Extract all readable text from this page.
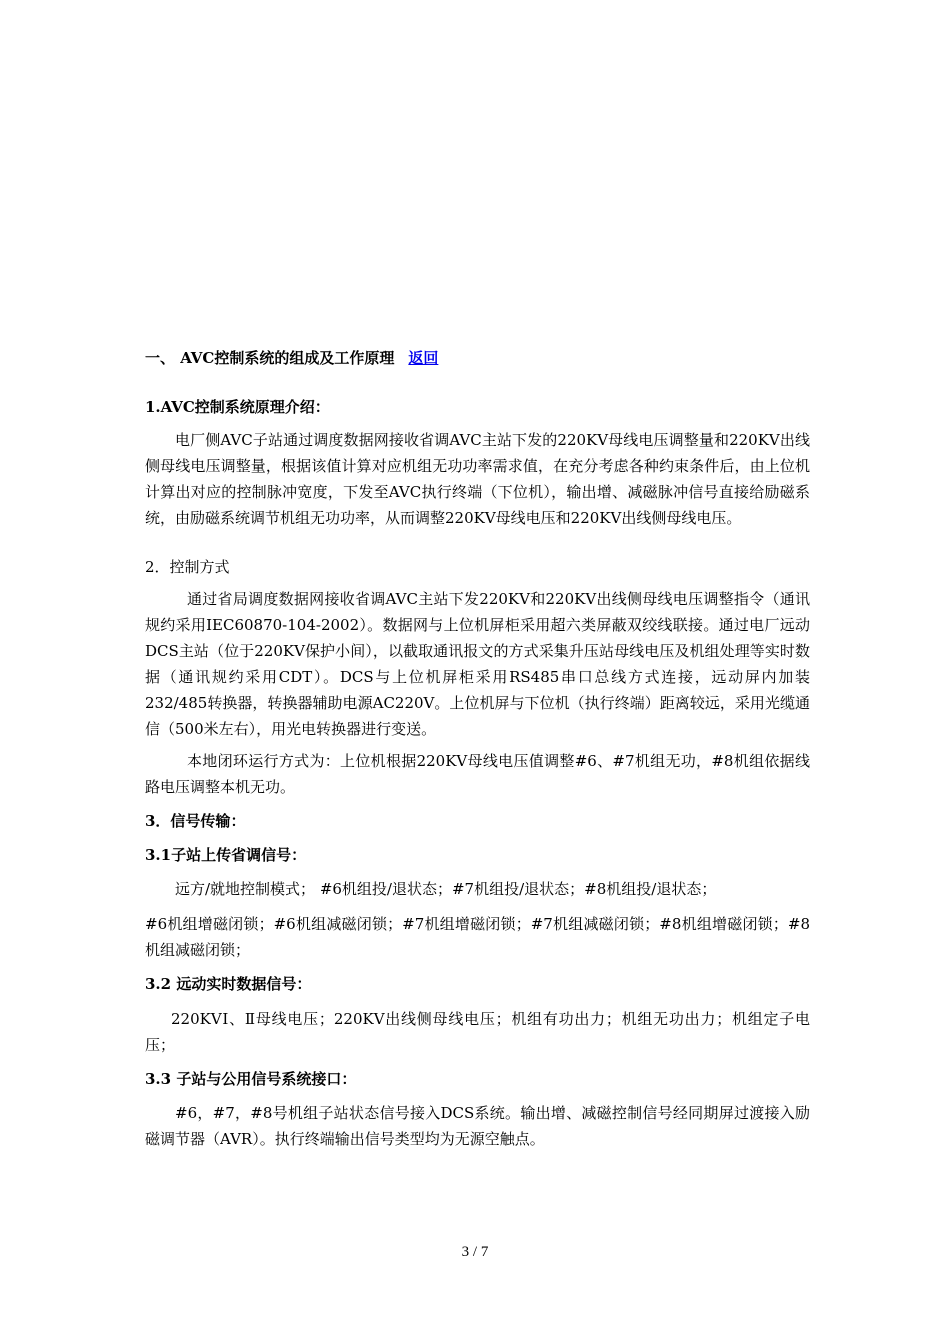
一、 AVC控制系统的组成及工作原理 返回

1.AVC控制系统原理介绍：

电厂侧AVC子站通过调度数据网接收省调AVC主站下发的220KV母线电压调整量和220KV出线侧母线电压调整量，根据该值计算对应机组无功功率需求值，在充分考虑各种约束条件后，由上位机计算出对应的控制脉冲宽度，下发至AVC执行终端（下位机），输出增、减磁脉冲信号直接给励磁系统，由励磁系统调节机组无功功率，从而调整220KV母线电压和220KV出线侧母线电压。

2．控制方式

通过省局调度数据网接收省调AVC主站下发220KV和220KV出线侧母线电压调整指令（通讯规约采用IEC60870-104-2002）。数据网与上位机屏柜采用超六类屏蔽双绞线联接。通过电厂远动DCS主站（位于220KV保护小间），以截取通讯报文的方式采集升压站母线电压及机组处理等实时数据（通讯规约采用CDT）。DCS与上位机屏柜采用RS485串口总线方式连接，远动屏内加装232/485转换器，转换器辅助电源AC220V。上位机屏与下位机（执行终端）距离较远，采用光缆通信（500米左右），用光电转换器进行变送。

本地闭环运行方式为：上位机根据220KV母线电压值调整#6、#7机组无功，#8机组依据线路电压调整本机无功。

3．信号传输：

3.1子站上传省调信号：

远方/就地控制模式； #6机组投/退状态；#7机组投/退状态；#8机组投/退状态；

#6机组增磁闭锁；#6机组减磁闭锁；#7机组增磁闭锁；#7机组减磁闭锁；#8机组增磁闭锁；#8机组减磁闭锁；

3.2 远动实时数据信号：

220KVⅠ、Ⅱ母线电压；220KV出线侧母线电压；机组有功出力；机组无功出力；机组定子电压；

3.3 子站与公用信号系统接口：

#6，#7，#8号机组子站状态信号接入DCS系统。输出增、减磁控制信号经同期屏过渡接入励磁调节器（AVR）。执行终端输出信号类型均为无源空触点。

3 / 7
